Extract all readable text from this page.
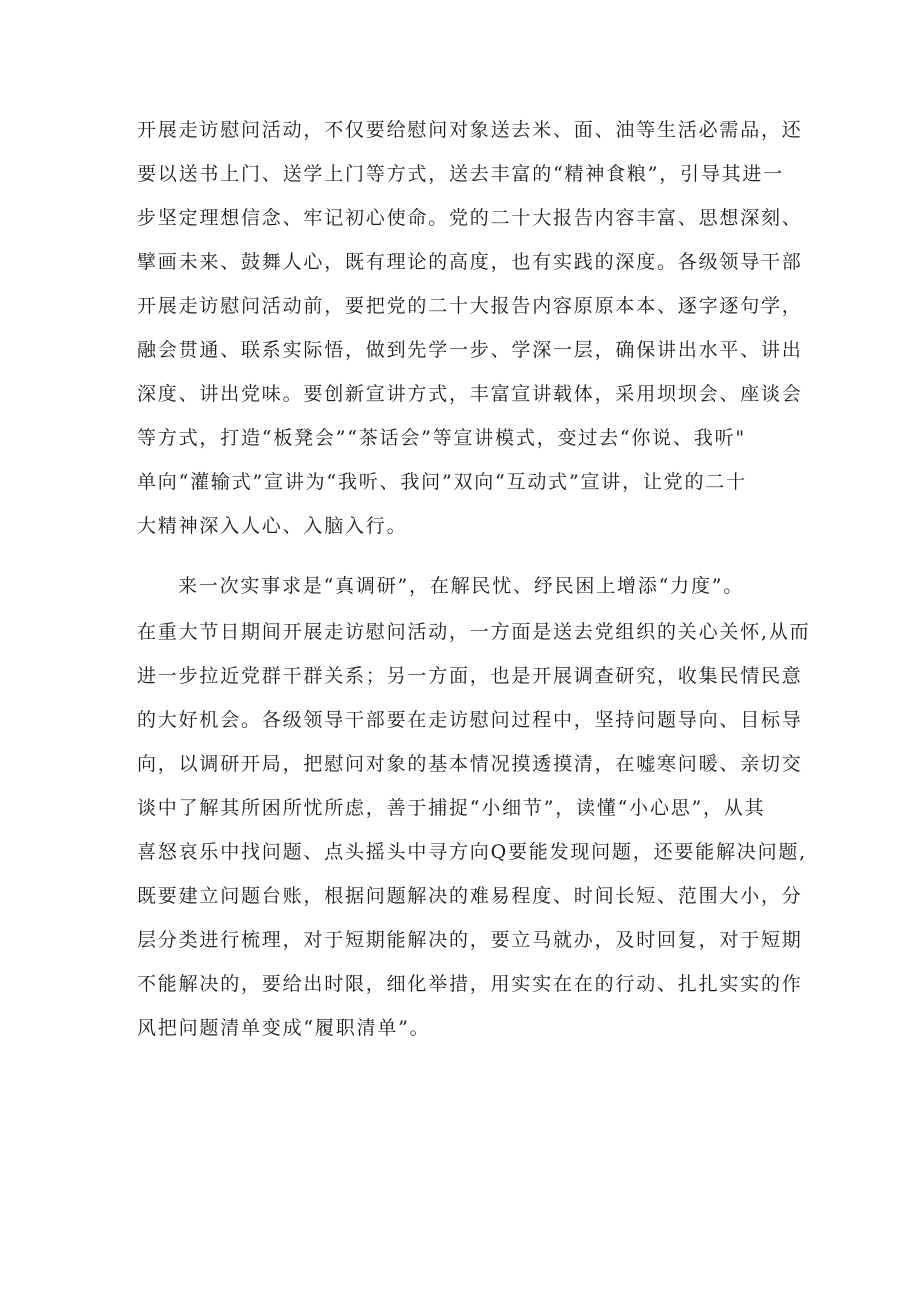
开展走访慰问活动，不仅要给慰问对象送去米、面、油等生活必需品，还
要以送书上门、送学上门等方式，送去丰富的“精神食粮”，引导其进一
步坚定理想信念、牢记初心使命。党的二十大报告内容丰富、思想深刻、
擘画未来、鼓舞人心，既有理论的高度，也有实践的深度。各级领导干部
开展走访慰问活动前，要把党的二十大报告内容原原本本、逐字逐句学，
融会贯通、联系实际悟，做到先学一步、学深一层，确保讲出水平、讲出
深度、讲出党味。要创新宣讲方式，丰富宣讲载体，采用坝坝会、座谈会
等方式，打造“板凳会”“茶话会”等宣讲模式，变过去“你说、我听"
单向“灌输式”宣讲为“我听、我问”双向“互动式”宣讲，让党的二十
大精神深入人心、入脑入行。
来一次实事求是“真调研”，在解民忧、纾民困上增添“力度”。
在重大节日期间开展走访慰问活动，一方面是送去党组织的关心关怀,从而
进一步拉近党群干群关系；另一方面，也是开展调查研究，收集民情民意
的大好机会。各级领导干部要在走访慰问过程中，坚持问题导向、目标导
向，以调研开局，把慰问对象的基本情况摸透摸清，在嘘寒问暖、亲切交
谈中了解其所困所忧所虑，善于捕捉“小细节”，读懂“小心思”，从其
喜怒哀乐中找问题、点头摇头中寻方向Q要能发现问题，还要能解决问题,
既要建立问题台账，根据问题解决的难易程度、时间长短、范围大小，分
层分类进行梳理，对于短期能解决的，要立马就办，及时回复，对于短期
不能解决的，要给出时限，细化举措，用实实在在的行动、扎扎实实的作
风把问题清单变成“履职清单”。
